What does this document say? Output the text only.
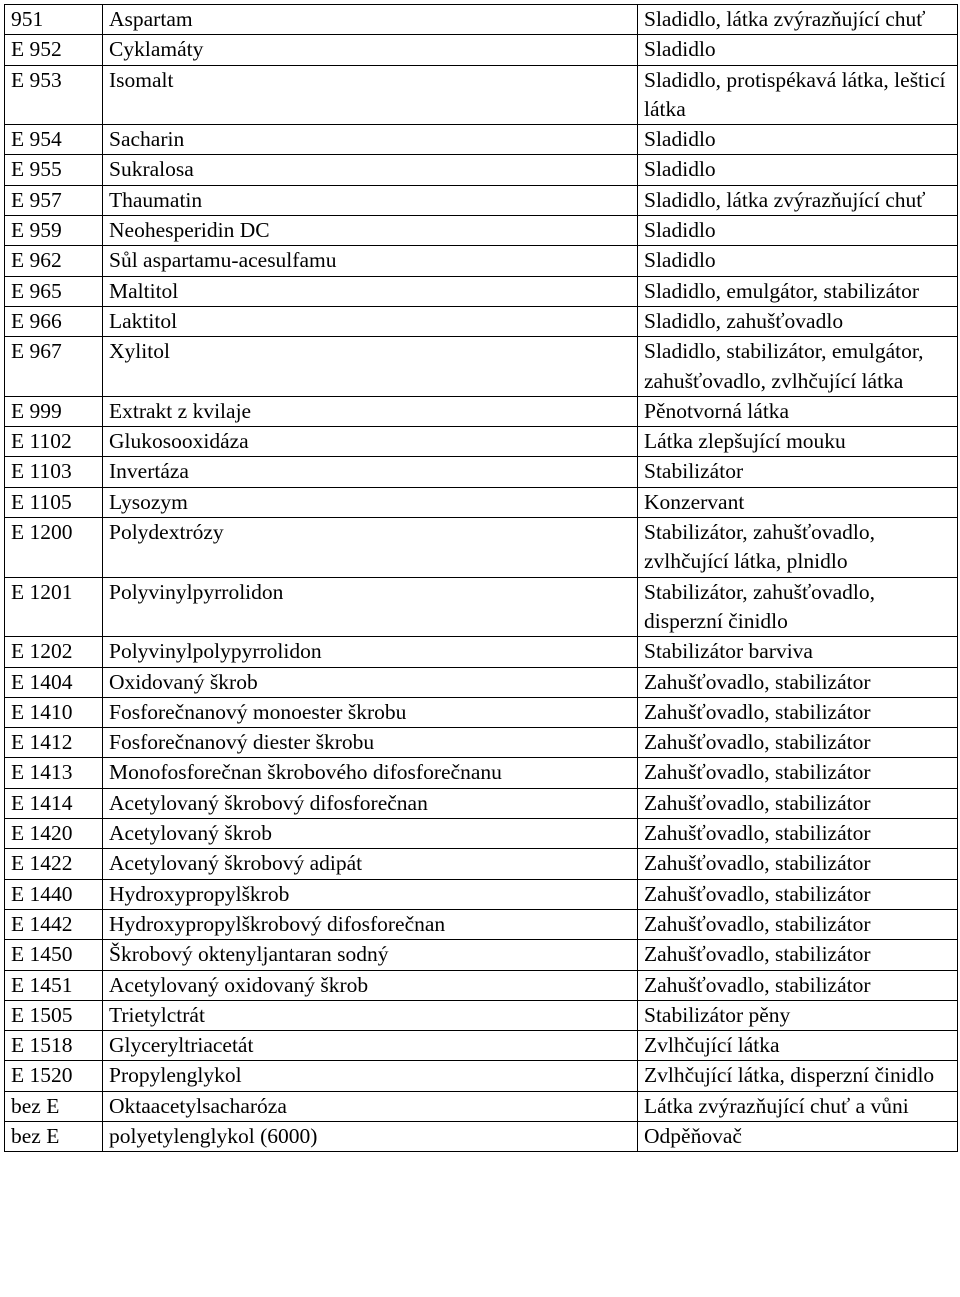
951	Aspartam	Sladidlo, látka zvýrazňující chuť
E 952	Cyklamáty	Sladidlo
E 953	Isomalt	Sladidlo, protispékavá látka, lešticí látka
E 954	Sacharin	Sladidlo
E 955	Sukralosa	Sladidlo
E 957	Thaumatin	Sladidlo, látka zvýrazňující chuť
E 959	Neohesperidin DC	Sladidlo
E 962	Sůl aspartamu-acesulfamu	Sladidlo
E 965	Maltitol	Sladidlo, emulgátor, stabilizátor
E 966	Laktitol	Sladidlo, zahušťovadlo
E 967	Xylitol	Sladidlo, stabilizátor, emulgátor, zahušťovadlo, zvlhčující látka
E 999	Extrakt z kvilaje	Pěnotvorná látka
E 1102	Glukosooxidáza	Látka zlepšující mouku
E 1103	Invertáza	Stabilizátor
E 1105	Lysozym	Konzervant
E 1200	Polydextrózy	Stabilizátor, zahušťovadlo, zvlhčující látka, plnidlo
E 1201	Polyvinylpyrrolidon	Stabilizátor, zahušťovadlo, disperzní činidlo
E 1202	Polyvinylpolypyrrolidon	Stabilizátor barviva
E 1404	Oxidovaný škrob	Zahušťovadlo, stabilizátor
E 1410	Fosforečnanový monoester škrobu	Zahušťovadlo, stabilizátor
E 1412	Fosforečnanový diester škrobu	Zahušťovadlo, stabilizátor
E 1413	Monofosforečnan škrobového difosforečnanu	Zahušťovadlo, stabilizátor
E 1414	Acetylovaný škrobový difosforečnan	Zahušťovadlo, stabilizátor
E 1420	Acetylovaný škrob	Zahušťovadlo, stabilizátor
E 1422	Acetylovaný škrobový adipát	Zahušťovadlo, stabilizátor
E 1440	Hydroxypropylškrob	Zahušťovadlo, stabilizátor
E 1442	Hydroxypropylškrobový difosforečnan	Zahušťovadlo, stabilizátor
E 1450	Škrobový oktenyljantaran sodný	Zahušťovadlo, stabilizátor
E 1451	Acetylovaný oxidovaný škrob	Zahušťovadlo, stabilizátor
E 1505	Trietylctrát	Stabilizátor pěny
E 1518	Glyceryltriacetát	Zvlhčující látka
E 1520	Propylenglykol	Zvlhčující látka, disperzní činidlo
bez E	Oktaacetylsacharóza	Látka zvýrazňující chuť a vůni
bez E	polyetylenglykol (6000)	Odpěňovač
